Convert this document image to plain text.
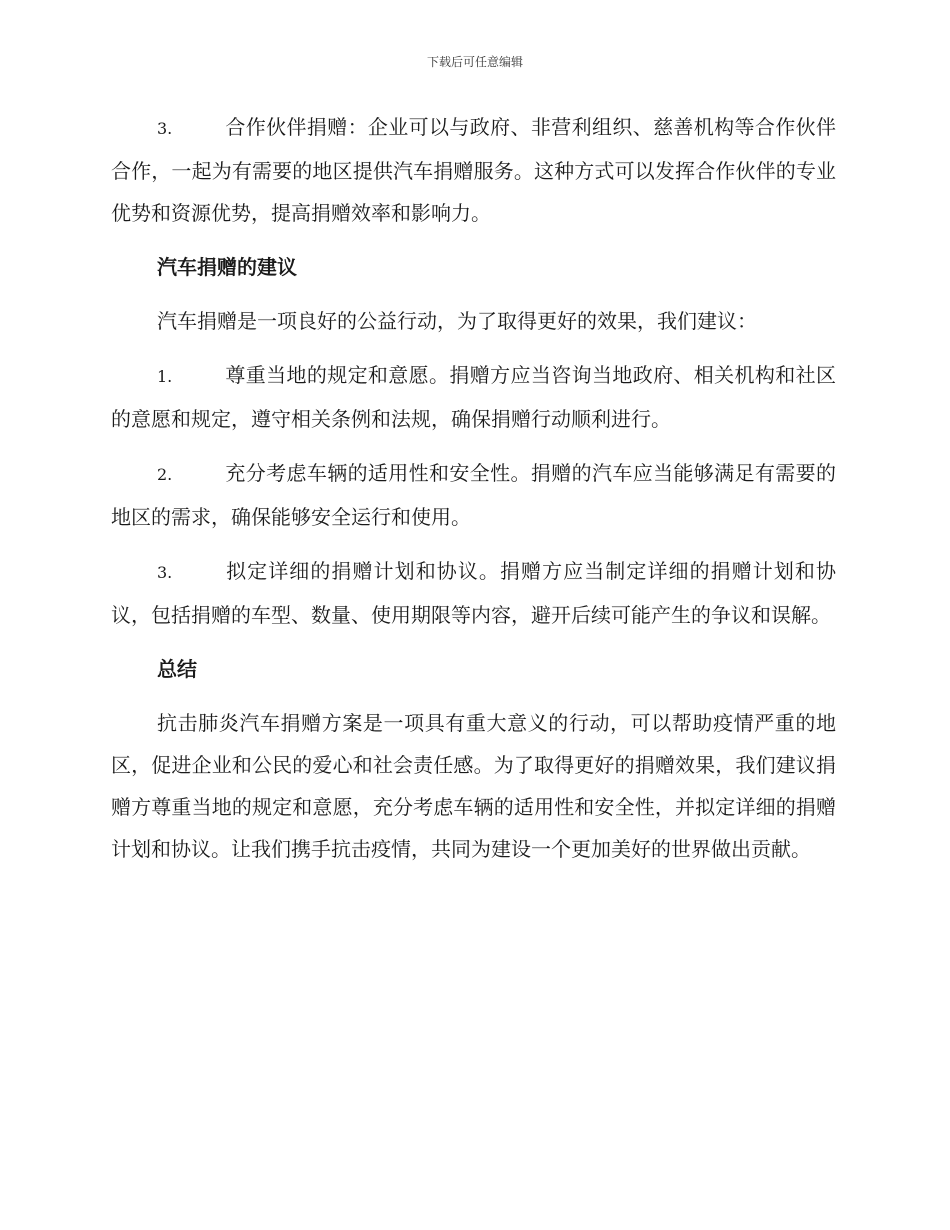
下载后可任意编辑

3.	合作伙伴捐赠：企业可以与政府、非营利组织、慈善机构等合作伙伴合作，一起为有需要的地区提供汽车捐赠服务。这种方式可以发挥合作伙伴的专业优势和资源优势，提高捐赠效率和影响力。

汽车捐赠的建议

汽车捐赠是一项良好的公益行动，为了取得更好的效果，我们建议：

1.	尊重当地的规定和意愿。捐赠方应当咨询当地政府、相关机构和社区的意愿和规定，遵守相关条例和法规，确保捐赠行动顺利进行。

2.	充分考虑车辆的适用性和安全性。捐赠的汽车应当能够满足有需要的地区的需求，确保能够安全运行和使用。

3.	拟定详细的捐赠计划和协议。捐赠方应当制定详细的捐赠计划和协议，包括捐赠的车型、数量、使用期限等内容，避开后续可能产生的争议和误解。

总结

抗击肺炎汽车捐赠方案是一项具有重大意义的行动，可以帮助疫情严重的地区，促进企业和公民的爱心和社会责任感。为了取得更好的捐赠效果，我们建议捐赠方尊重当地的规定和意愿，充分考虑车辆的适用性和安全性，并拟定详细的捐赠计划和协议。让我们携手抗击疫情，共同为建设一个更加美好的世界做出贡献。
